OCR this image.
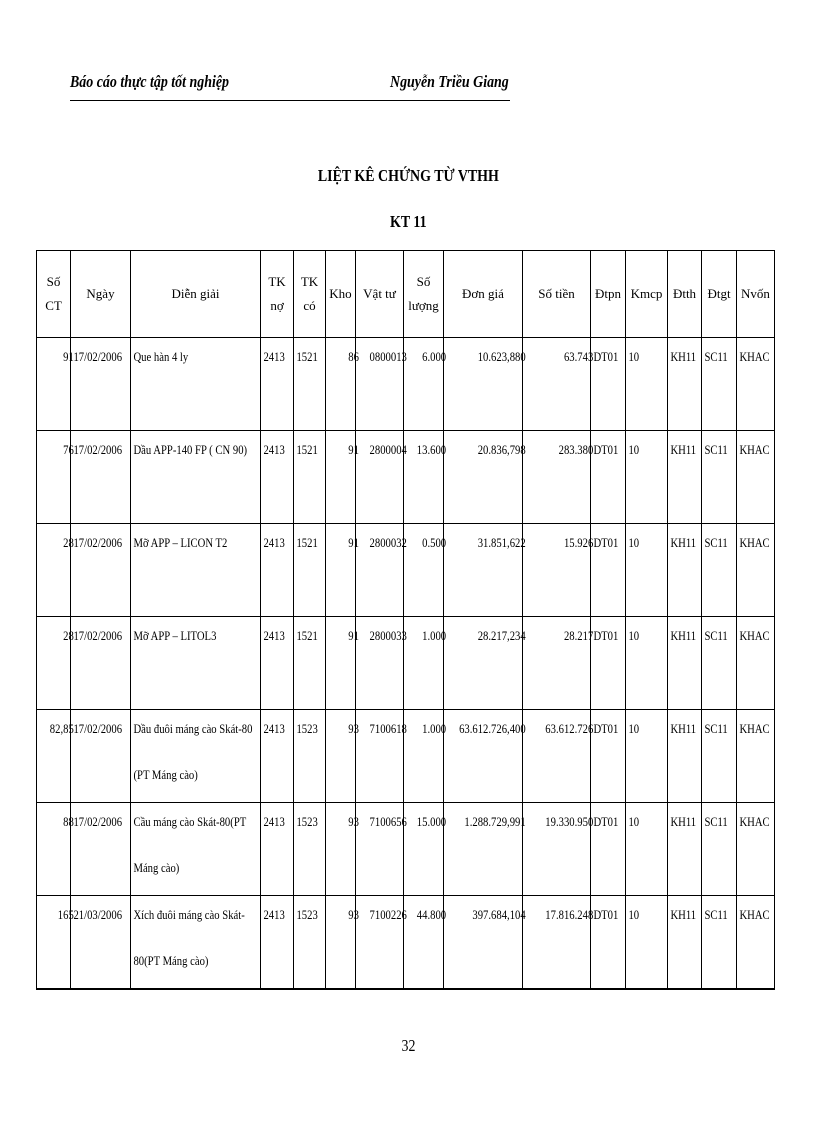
Báo cáo thực tập tốt nghiệp	Nguyễn Triều Giang
LIỆT KÊ CHỨNG TỪ VTHH
KT 11
Số CT	Ngày	Diễn giải	TK nợ	TK có	Kho	Vật tư	Số lượng	Đơn giá	Số tiền	Đtpn	Kmcp	Đtth	Đtgt	Nvốn

91	17/02/2006	Que hàn 4 ly	2413	1521	86	0800013	6.000	10.623,880	63.743	DT01	10	KH11	SC11	KHAC

76	17/02/2006	Dầu APP-140 FP ( CN 90)	2413	1521	91	2800004	13.600	20.836,798	283.380	DT01	10	KH11	SC11	KHAC

28	17/02/2006	Mỡ APP – LICON T2	2413	1521	91	2800032	0.500	31.851,622	15.926	DT01	10	KH11	SC11	KHAC

28	17/02/2006	Mỡ APP – LITOL3	2413	1521	91	2800033	1.000	28.217,234	28.217	DT01	10	KH11	SC11	KHAC

82,85	17/02/2006	Dầu đuôi máng cào Skát-80 (PT Máng cào)	2413	1523	93	7100618	1.000	63.612.726,400	63.612.726	DT01	10	KH11	SC11	KHAC

88	17/02/2006	Cầu máng cào Skát-80(PT Máng cào)	2413	1523	93	7100656	15.000	1.288.729,991	19.330.950	DT01	10	KH11	SC11	KHAC

165	21/03/2006	Xích đuôi máng cào Skát-80(PT Máng cào)	2413	1523	93	7100226	44.800	397.684,104	17.816.248	DT01	10	KH11	SC11	KHAC
32
